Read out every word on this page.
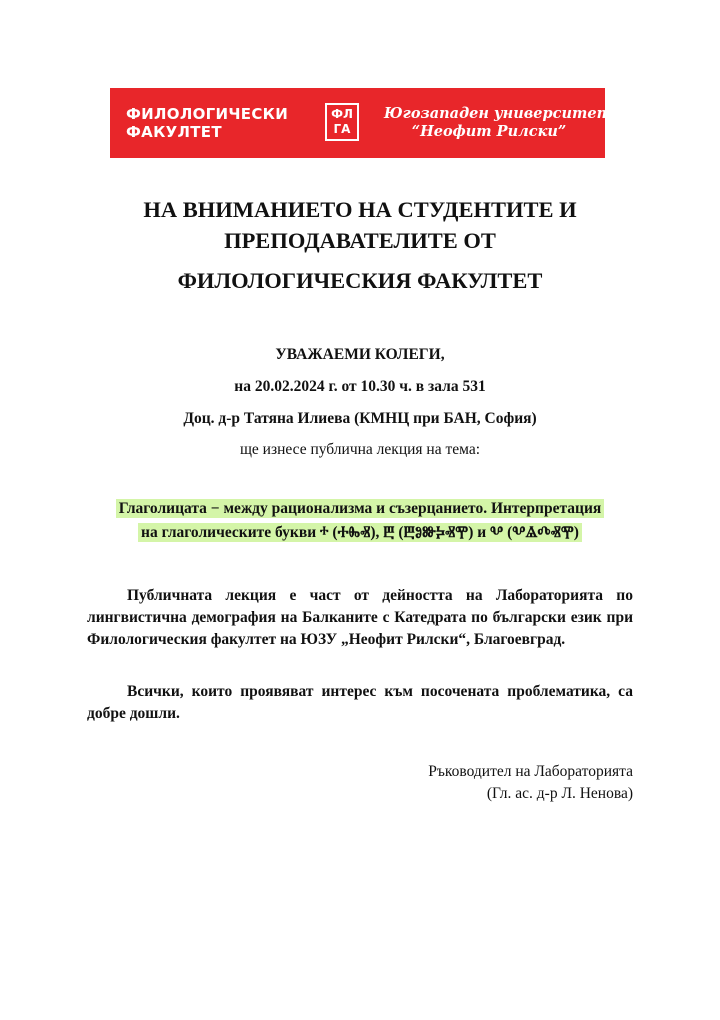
ФИЛОЛОГИЧЕСКИ
ФАКУЛТЕТ
ФЛ
ГА
Югозападен университет
“Неофит Рилски”
НА ВНИМАНИЕТО НА СТУДЕНТИТЕ И
ПРЕПОДАВАТЕЛИТЕ ОТ
ФИЛОЛОГИЧЕСКИЯ ФАКУЛТЕТ
УВАЖАЕМИ КОЛЕГИ,
на 20.02.2024 г. от 10.30 ч. в зала 531
Доц. д-р Татяна Илиева (КМНЦ при БАН, София)
ще изнесе публична лекция на тема:
Глаголицата − между рационализма и съзерцанието. Интерпретация
на глаголическите букви ⰰ (ⰀⰈⰟ), Ⰱ (ⰁⰑⰖⰍⰟⰉ) и Ⰲ (ⰂⰡⰄⰟⰉ)

Публичната лекция е част от дейността на Лабораторията по лингвистична демография на Балканите с Катедрата по български език при Филологическия факултет на ЮЗУ „Неофит Рилски“, Благоевград.

Всички, които проявяват интерес към посочената проблематика, са добре дошли.

Ръководител на Лабораторията
(Гл. ас. д-р Л. Ненова)
